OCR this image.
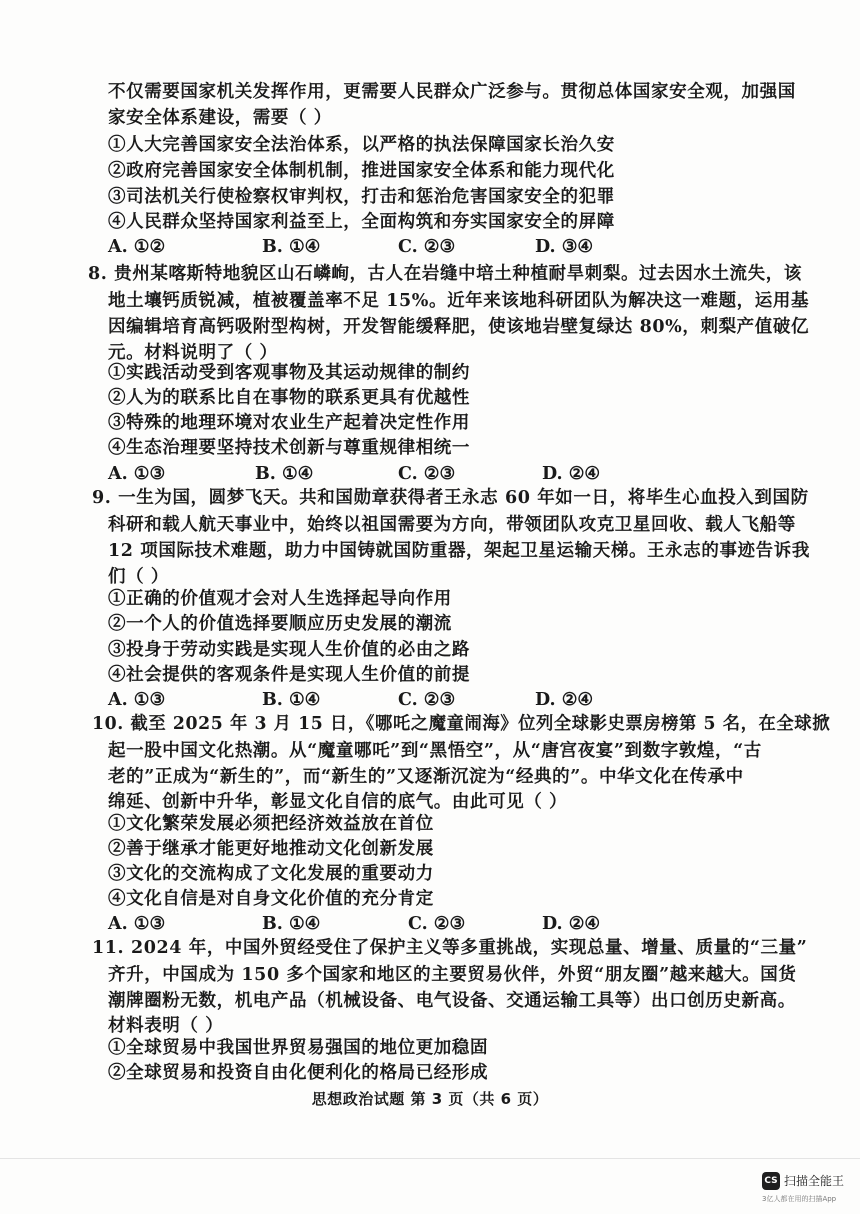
不仅需要国家机关发挥作用，更需要人民群众广泛参与。贯彻总体国家安全观，加强国
家安全体系建设，需要（ ）
①人大完善国家安全法治体系，以严格的执法保障国家长治久安
②政府完善国家安全体制机制，推进国家安全体系和能力现代化
③司法机关行使检察权审判权，打击和惩治危害国家安全的犯罪
④人民群众坚持国家利益至上，全面构筑和夯实国家安全的屏障
A. ①②	B. ①④	C. ②③	D. ③④
8. 贵州某喀斯特地貌区山石嶙峋，古人在岩缝中培土种植耐旱刺梨。过去因水土流失，该
地土壤钙质锐减，植被覆盖率不足 15%。近年来该地科研团队为解决这一难题，运用基
因编辑培育高钙吸附型构树，开发智能缓释肥，使该地岩壁复绿达 80%，刺梨产值破亿
元。材料说明了（ ）
①实践活动受到客观事物及其运动规律的制约
②人为的联系比自在事物的联系更具有优越性
③特殊的地理环境对农业生产起着决定性作用
④生态治理要坚持技术创新与尊重规律相统一
A. ①③	B. ①④	C. ②③	D. ②④
9. 一生为国，圆梦飞天。共和国勋章获得者王永志 60 年如一日，将毕生心血投入到国防
科研和载人航天事业中，始终以祖国需要为方向，带领团队攻克卫星回收、载人飞船等
12 项国际技术难题，助力中国铸就国防重器，架起卫星运输天梯。王永志的事迹告诉我
们（ ）
①正确的价值观才会对人生选择起导向作用
②一个人的价值选择要顺应历史发展的潮流
③投身于劳动实践是实现人生价值的必由之路
④社会提供的客观条件是实现人生价值的前提
A. ①③	B. ①④	C. ②③	D. ②④
10. 截至 2025 年 3 月 15 日，《哪吒之魔童闹海》位列全球影史票房榜第 5 名，在全球掀
起一股中国文化热潮。从“魔童哪吒”到“黑悟空”，从“唐宫夜宴”到数字敦煌，“古
老的”正成为“新生的”，而“新生的”又逐渐沉淀为“经典的”。中华文化在传承中
绵延、创新中升华，彰显文化自信的底气。由此可见（ ）
①文化繁荣发展必须把经济效益放在首位
②善于继承才能更好地推动文化创新发展
③文化的交流构成了文化发展的重要动力
④文化自信是对自身文化价值的充分肯定
A. ①③	B. ①④	C. ②③	D. ②④
11. 2024 年，中国外贸经受住了保护主义等多重挑战，实现总量、增量、质量的“三量”
齐升，中国成为 150 多个国家和地区的主要贸易伙伴，外贸“朋友圈”越来越大。国货
潮牌圈粉无数，机电产品（机械设备、电气设备、交通运输工具等）出口创历史新高。
材料表明（ ）
①全球贸易中我国世界贸易强国的地位更加稳固
②全球贸易和投资自由化便利化的格局已经形成
思想政治试题 第 3 页（共 6 页）
CS 扫描全能王
3亿人都在用的扫描App
